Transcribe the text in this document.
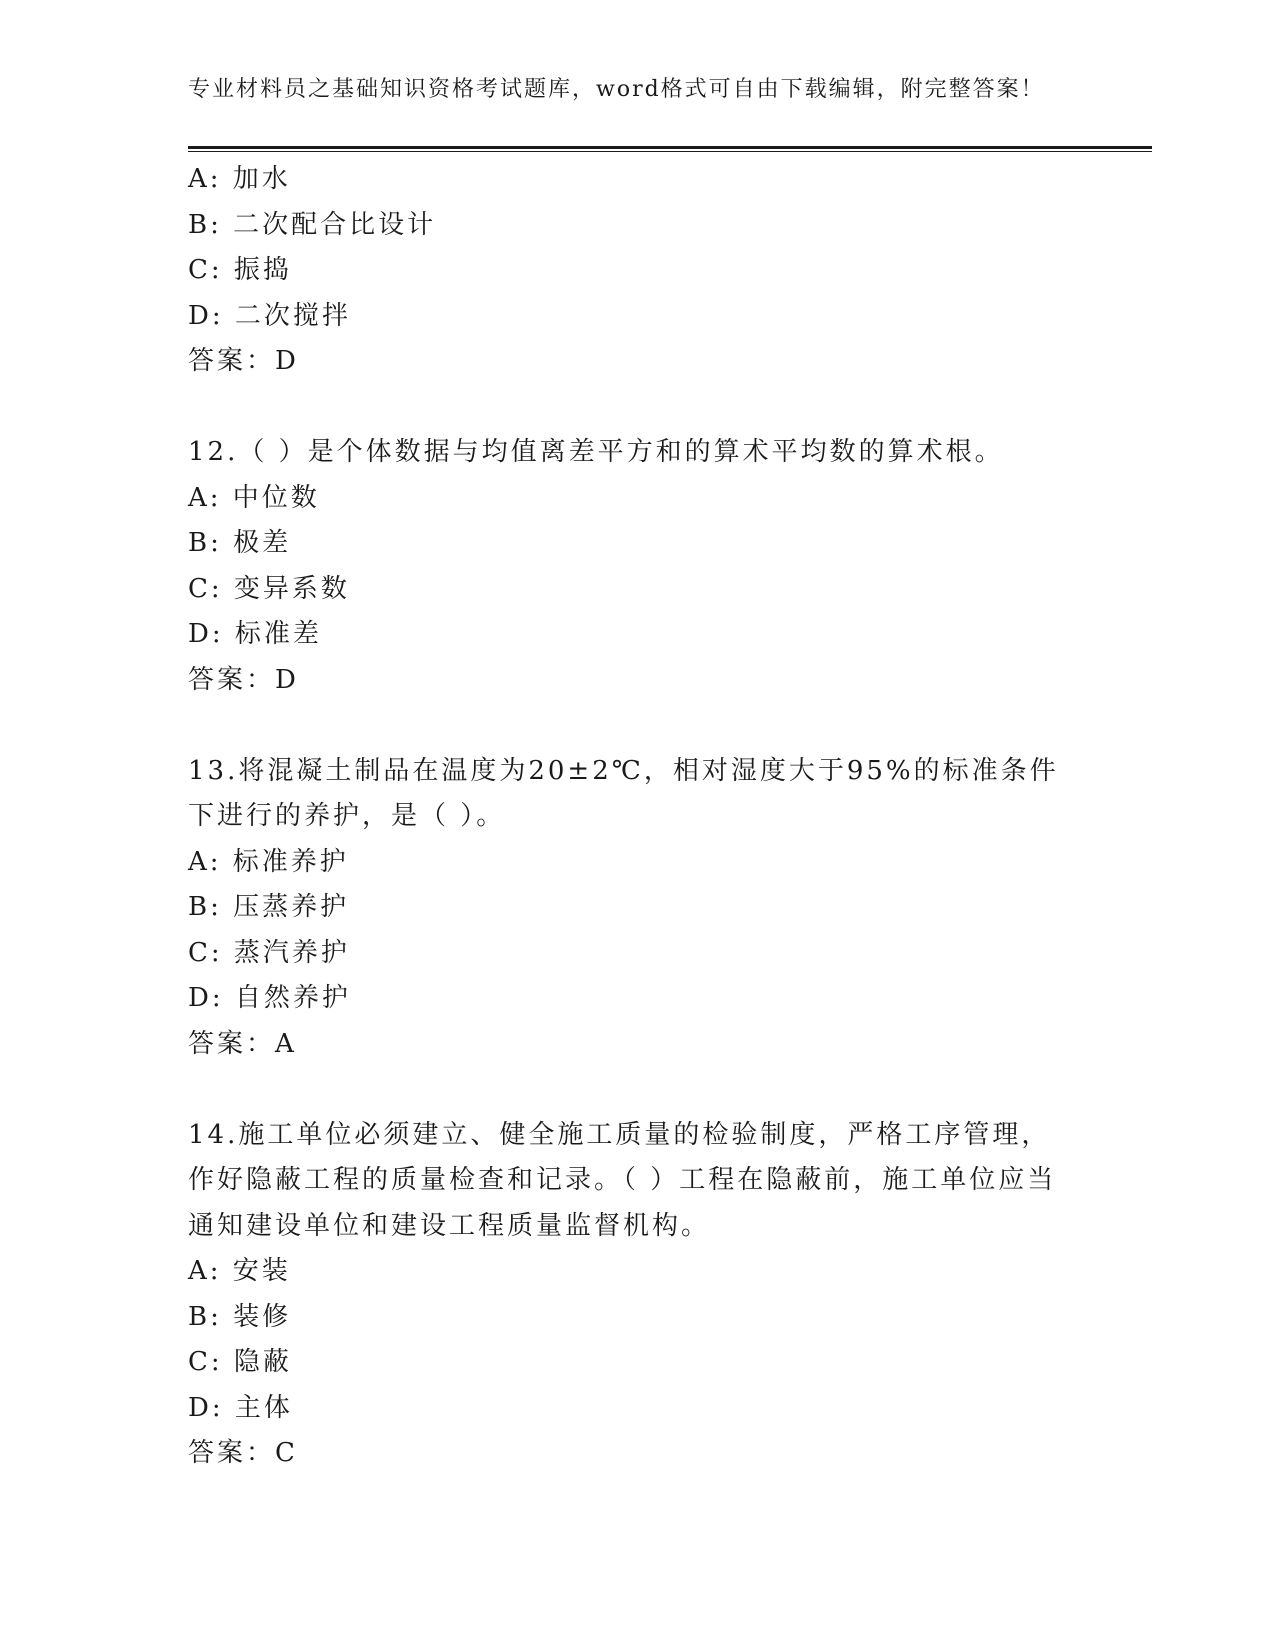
专业材料员之基础知识资格考试题库，word格式可自由下载编辑，附完整答案！
A: 加水
B: 二次配合比设计
C: 振捣
D: 二次搅拌
答案：D
12.（ ）是个体数据与均值离差平方和的算术平均数的算术根。
A: 中位数
B: 极差
C: 变异系数
D: 标准差
答案：D
13.将混凝土制品在温度为20±2℃，相对湿度大于95%的标准条件下进行的养护，是（ ）。
A: 标准养护
B: 压蒸养护
C: 蒸汽养护
D: 自然养护
答案：A
14.施工单位必须建立、健全施工质量的检验制度，严格工序管理，作好隐蔽工程的质量检查和记录。（ ）工程在隐蔽前，施工单位应当通知建设单位和建设工程质量监督机构。
A: 安装
B: 装修
C: 隐蔽
D: 主体
答案：C
